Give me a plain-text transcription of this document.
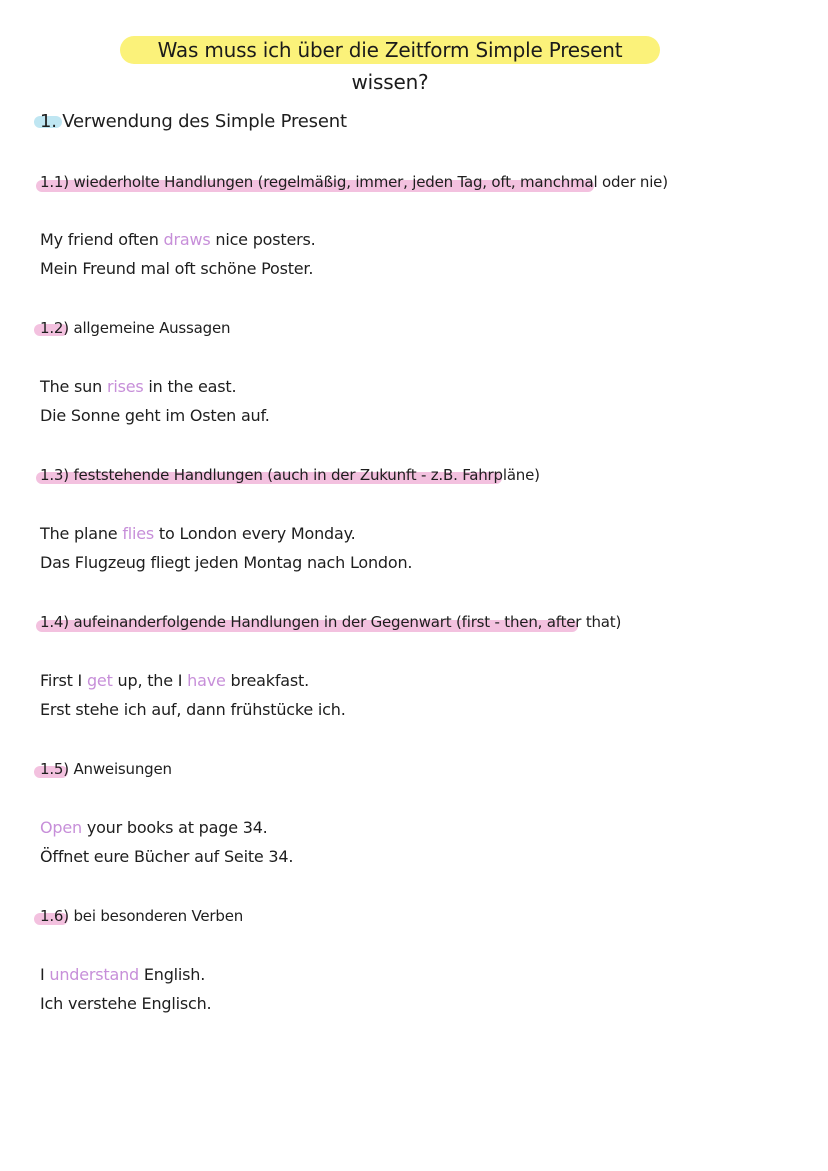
Was muss ich über die Zeitform Simple Present wissen?
1. Verwendung des Simple Present
1.1) wiederholte Handlungen (regelmäßig, immer, jeden Tag, oft, manchmal oder nie)
My friend often draws nice posters.
Mein Freund mal oft schöne Poster.
1.2) allgemeine Aussagen
The sun rises in the east.
Die Sonne geht im Osten auf.
1.3) feststehende Handlungen (auch in der Zukunft - z.B. Fahrpläne)
The plane flies to London every Monday.
Das Flugzeug fliegt jeden Montag nach London.
1.4) aufeinanderfolgende Handlungen in der Gegenwart (first - then, after that)
First I get up, the I have breakfast.
Erst stehe ich auf, dann frühstücke ich.
1.5) Anweisungen
Open your books at page 34.
Öffnet eure Bücher auf Seite 34.
1.6) bei besonderen Verben
I understand English.
Ich verstehe Englisch.
